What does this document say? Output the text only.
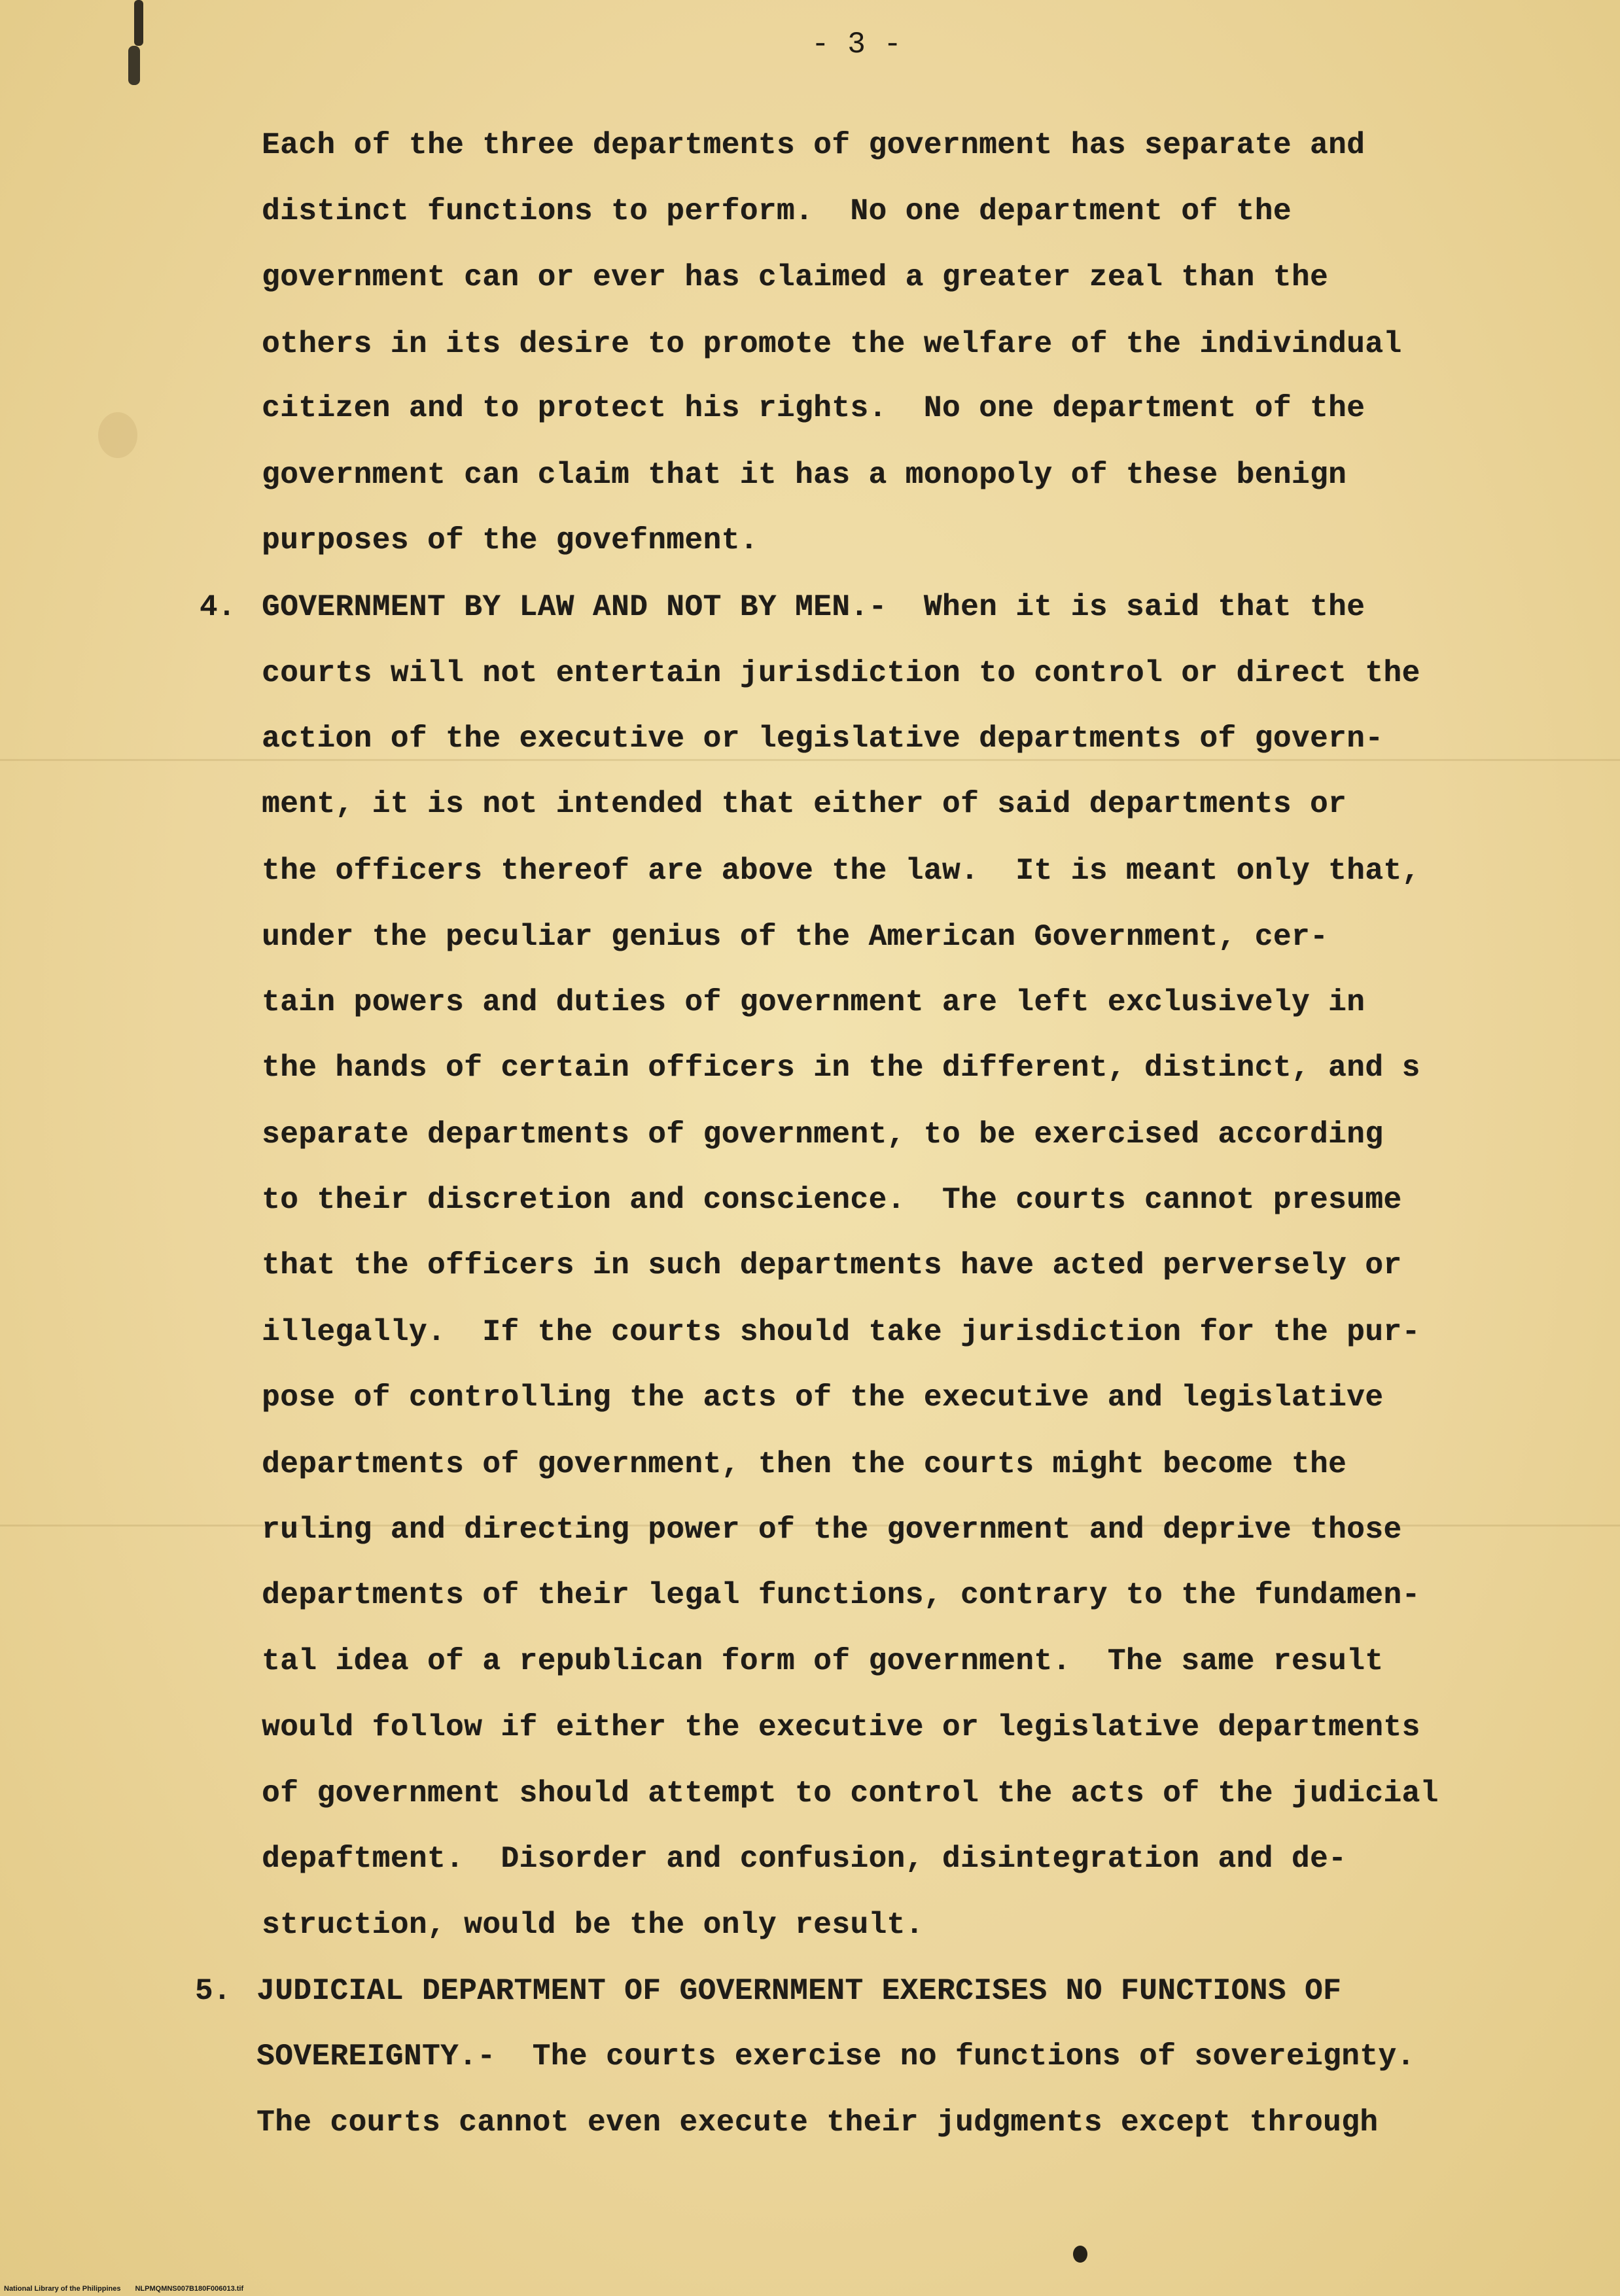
- 3 -
Each of the three departments of government has separate and
distinct functions to perform.  No one department of the
government can or ever has claimed a greater zeal than the
others in its desire to promote the welfare of the indivindual
citizen and to protect his rights.  No one department of the
government can claim that it has a monopoly of these benign
purposes of the govefnment.
4. GOVERNMENT BY LAW AND NOT BY MEN.-  When it is said that the
courts will not entertain jurisdiction to control or direct the
action of the executive or legislative departments of govern-
ment, it is not intended that either of said departments or
the officers thereof are above the law.  It is meant only that,
under the peculiar genius of the American Government, cer-
tain powers and duties of government are left exclusively in
the hands of certain officers in the different, distinct, and s
separate departments of government, to be exercised according
to their discretion and conscience.  The courts cannot presume
that the officers in such departments have acted perversely or
illegally.  If the courts should take jurisdiction for the pur-
pose of controlling the acts of the executive and legislative
departments of government, then the courts might become the
ruling and directing power of the government and deprive those
departments of their legal functions, contrary to the fundamen-
tal idea of a republican form of government.  The same result
would follow if either the executive or legislative departments
of government should attempt to control the acts of the judicial
depaftment.  Disorder and confusion, disintegration and de-
struction, would be the only result.
5. JUDICIAL DEPARTMENT OF GOVERNMENT EXERCISES NO FUNCTIONS OF
SOVEREIGNTY.-  The courts exercise no functions of sovereignty.
The courts cannot even execute their judgments except through
National Library of the Philippines NLPMQMNS007B180F006013.tif
